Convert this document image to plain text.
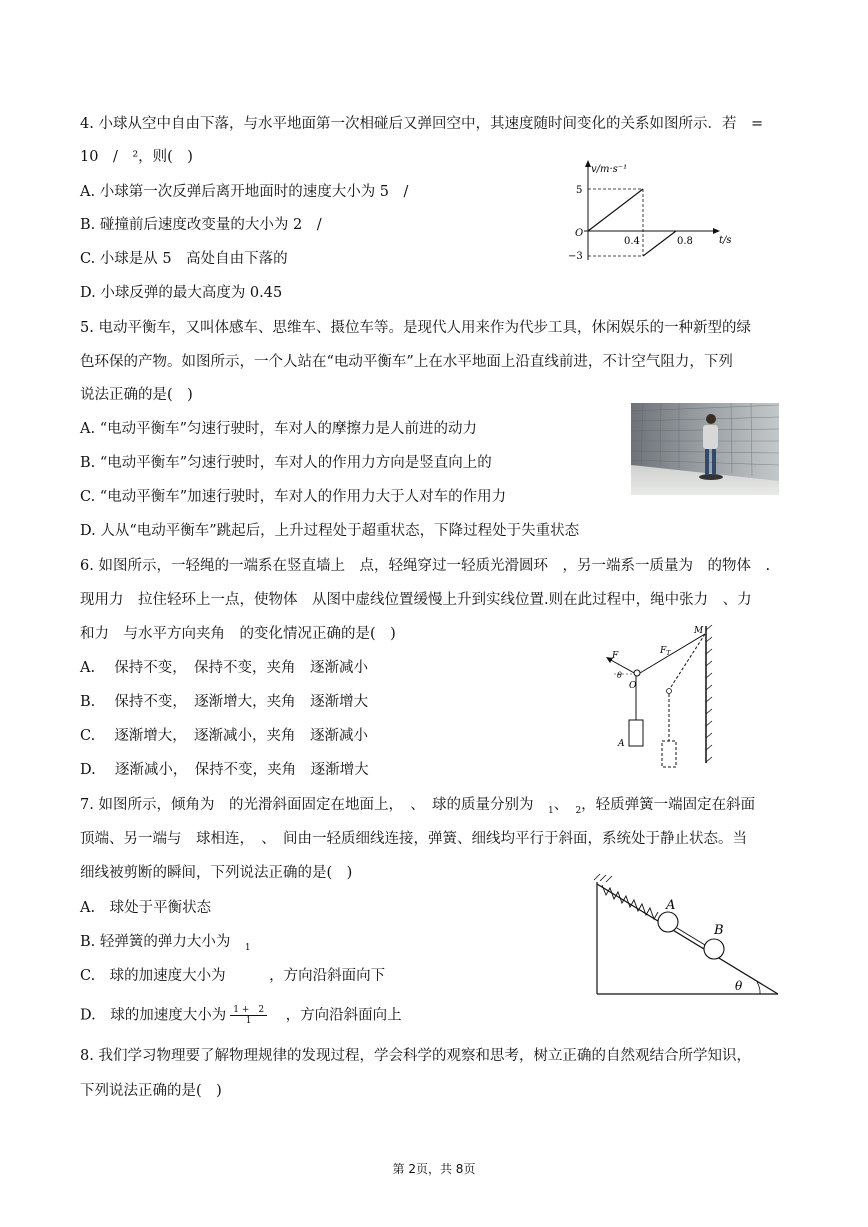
4. 小球从空中自由下落，与水平地面第一次相碰后又弹回空中，其速度随时间变化的关系如图所示．若　=
10　/　²，则(　)
A. 小球第一次反弹后离开地面时的速度大小为 5　/
B. 碰撞前后速度改变量的大小为 2　/
C. 小球是从 5　高处自由下落的
D. 小球反弹的最大高度为 0.45
v/m·s⁻¹
t/s
O
5
−3
0.4	0.8
5. 电动平衡车，又叫体感车、思维车、摄位车等。是现代人用来作为代步工具，休闲娱乐的一种新型的绿
色环保的产物。如图所示，一个人站在“电动平衡车”上在水平地面上沿直线前进，不计空气阻力，下列
说法正确的是(　)
A. “电动平衡车”匀速行驶时，车对人的摩擦力是人前进的动力
B. “电动平衡车”匀速行驶时，车对人的作用力方向是竖直向上的
C. “电动平衡车”加速行驶时，车对人的作用力大于人对车的作用力
D. 人从“电动平衡车”跳起后，上升过程处于超重状态，下降过程处于失重状态
6. 如图所示，一轻绳的一端系在竖直墙上　点，轻绳穿过一轻质光滑圆环　，另一端系一质量为　的物体　.
现用力　拉住轻环上一点，使物体　从图中虚线位置缓慢上升到实线位置.则在此过程中，绳中张力　、力
和力　与水平方向夹角　的变化情况正确的是(　)
A.　 保持不变，　保持不变，夹角　逐渐减小
B.　 保持不变，　逐渐增大，夹角　逐渐增大
C.　 逐渐增大，　逐渐减小，夹角　逐渐减小
D.　 逐渐减小，　保持不变，夹角　逐渐增大
F
θ
O
$F_T$
M
A
7. 如图所示，倾角为　的光滑斜面固定在地面上，　、　球的质量分别为　$_1$、　$_2$，轻质弹簧一端固定在斜面
顶端、另一端与　球相连，　、　间由一轻质细线连接，弹簧、细线均平行于斜面，系统处于静止状态。当
细线被剪断的瞬间，下列说法正确的是(　)
A.　球处于平衡状态
B. 轻弹簧的弹力大小为　$_1$
C.　球的加速度大小为　　　，方向沿斜面向下
D.　球的加速度大小为 $\frac{1 + 2}{1}$ 　，方向沿斜面向上
A
B
θ
8. 我们学习物理要了解物理规律的发现过程，学会科学的观察和思考，树立正确的自然观结合所学知识，
下列说法正确的是(　)
第 2页，共 8页
